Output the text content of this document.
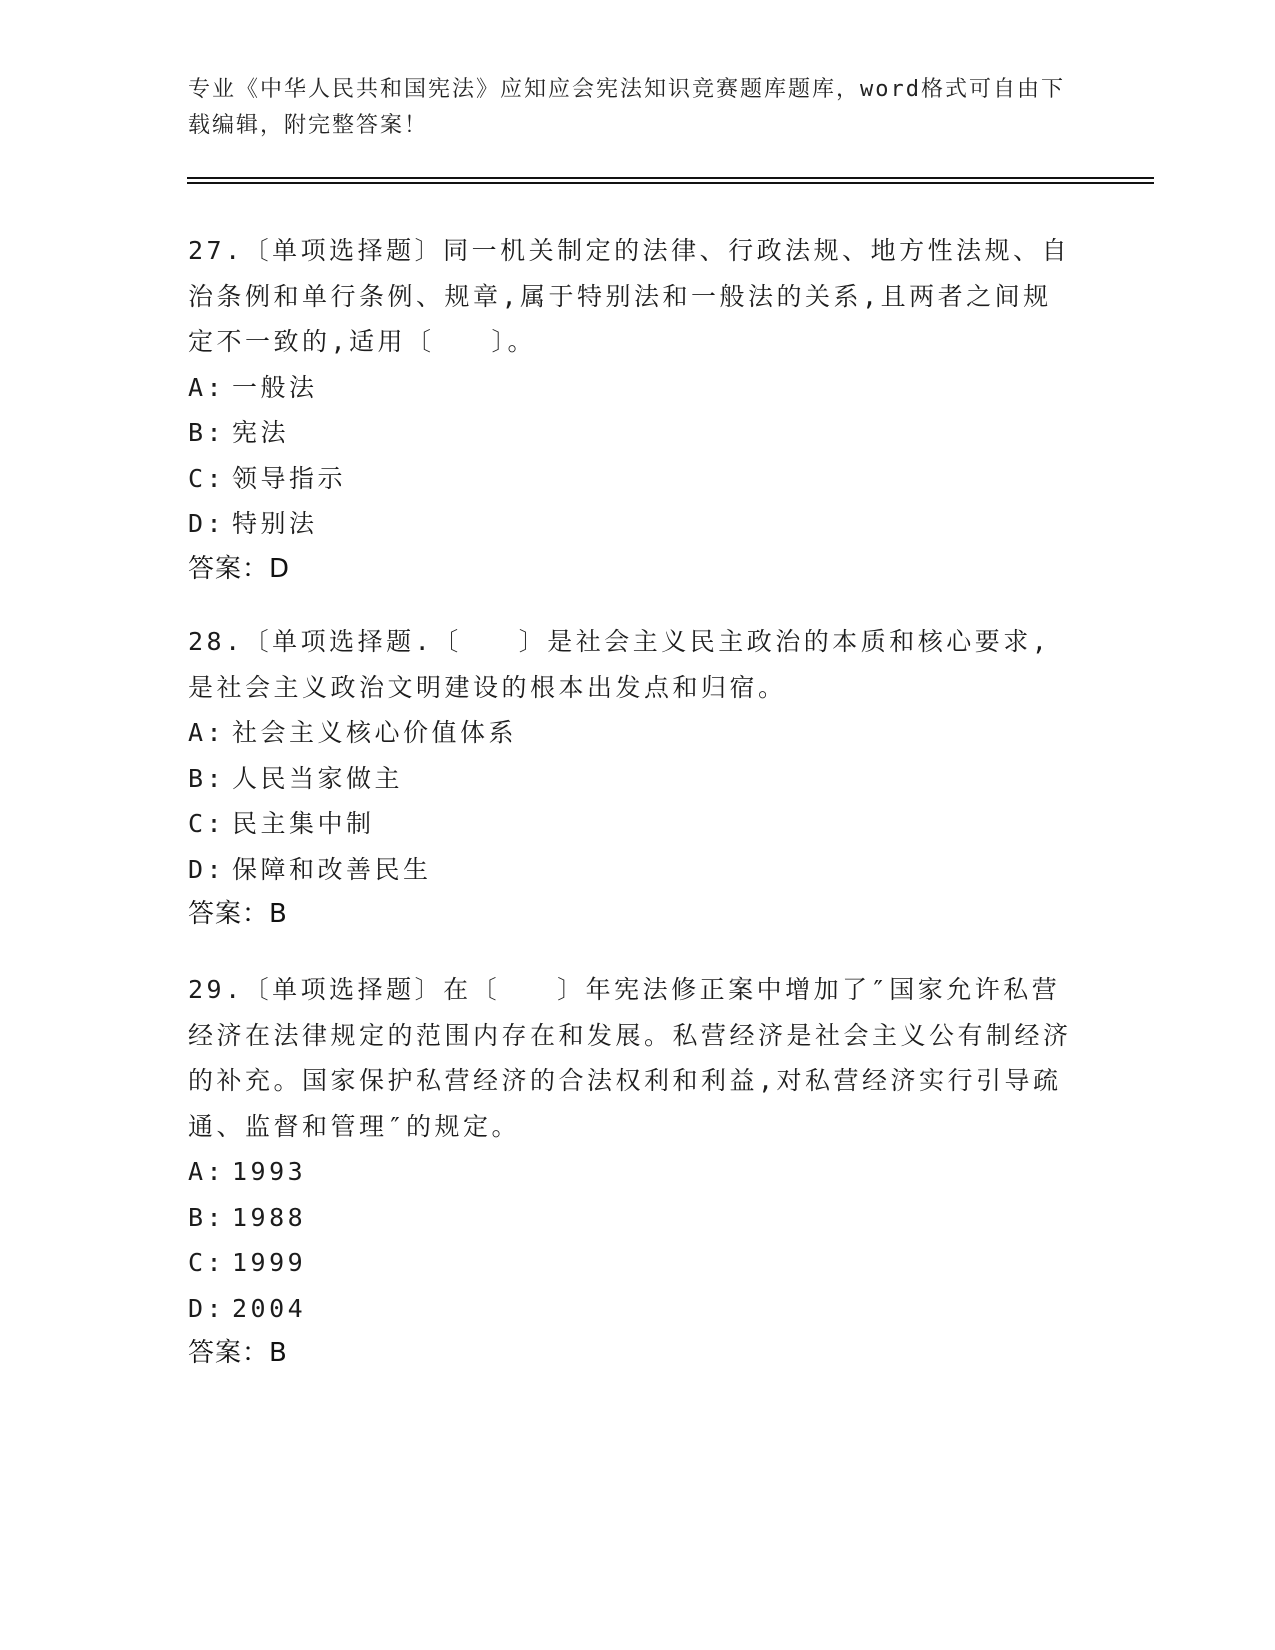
专业《中华人民共和国宪法》应知应会宪法知识竞赛题库题库，word格式可自由下载编辑，附完整答案！

27.〔单项选择题〕同一机关制定的法律、行政法规、地方性法规、自治条例和单行条例、规章,属于特别法和一般法的关系,且两者之间规定不一致的,适用〔　　〕。

A: 一般法
B: 宪法
C: 领导指示
D: 特别法
答案：D

28.〔单项选择题.〔　　〕是社会主义民主政治的本质和核心要求,是社会主义政治文明建设的根本出发点和归宿。

A: 社会主义核心价值体系
B: 人民当家做主
C: 民主集中制
D: 保障和改善民生
答案：B

29.〔单项选择题〕在〔　　〕年宪法修正案中增加了″国家允许私营经济在法律规定的范围内存在和发展。私营经济是社会主义公有制经济的补充。国家保护私营经济的合法权利和利益,对私营经济实行引导疏通、监督和管理″的规定。

A: 1993
B: 1988
C: 1999
D: 2004
答案：B
